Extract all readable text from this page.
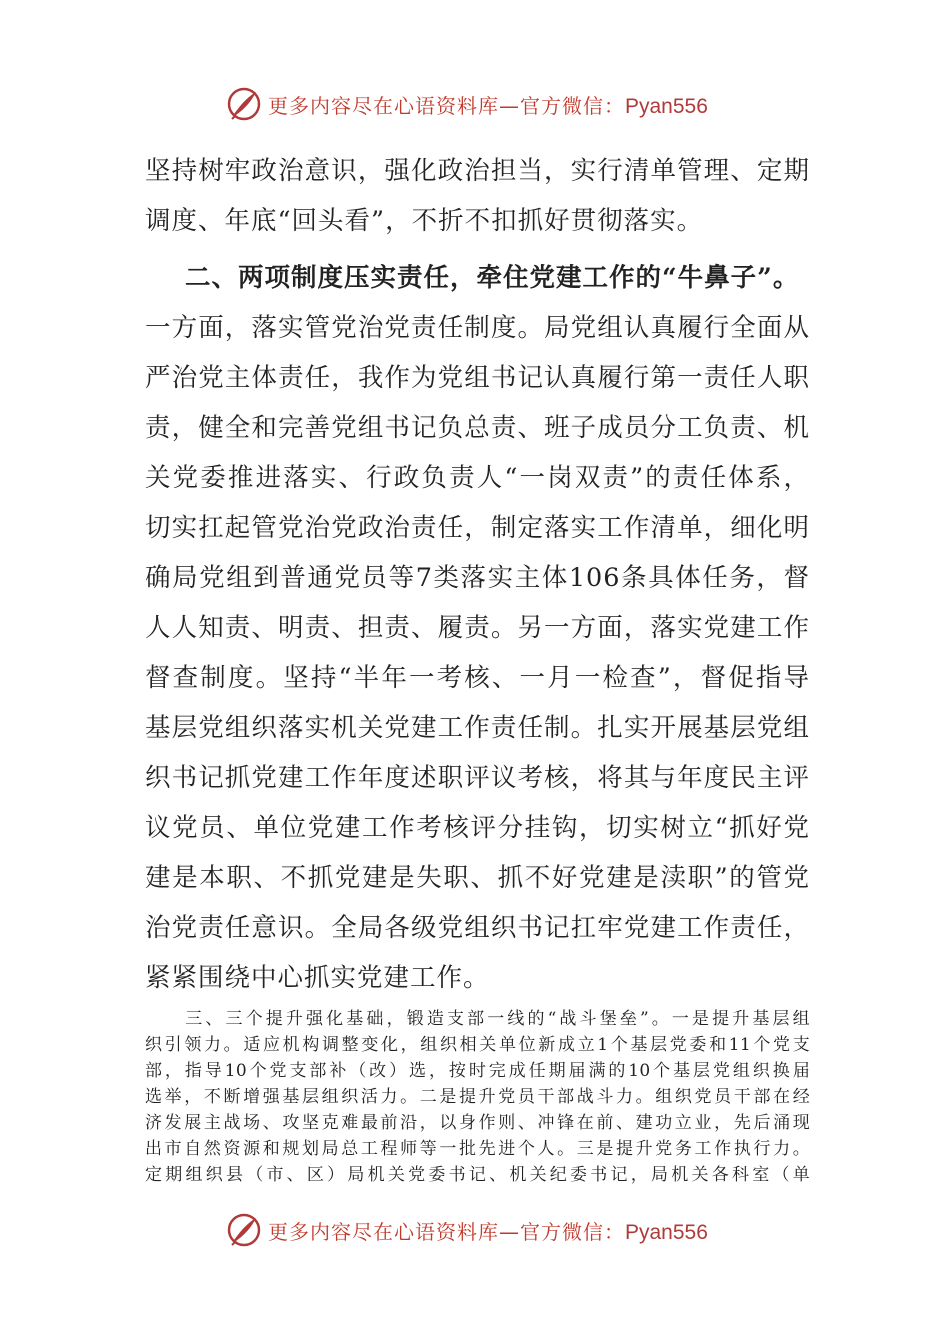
更多内容尽在心语资料库—官方微信：Pyan556
坚持树牢政治意识，强化政治担当，实行清单管理、定期
调度、年底“回头看”，不折不扣抓好贯彻落实。
二、两项制度压实责任，牵住党建工作的“牛鼻子”。
一方面，落实管党治党责任制度。局党组认真履行全面从
严治党主体责任，我作为党组书记认真履行第一责任人职
责，健全和完善党组书记负总责、班子成员分工负责、机
关党委推进落实、行政负责人“一岗双责”的责任体系，
切实扛起管党治党政治责任，制定落实工作清单，细化明
确局党组到普通党员等7类落实主体106条具体任务，督
人人知责、明责、担责、履责。另一方面，落实党建工作
督查制度。坚持“半年一考核、一月一检查”，督促指导
基层党组织落实机关党建工作责任制。扎实开展基层党组
织书记抓党建工作年度述职评议考核，将其与年度民主评
议党员、单位党建工作考核评分挂钩，切实树立“抓好党
建是本职、不抓党建是失职、抓不好党建是渎职”的管党
治党责任意识。全局各级党组织书记扛牢党建工作责任，
紧紧围绕中心抓实党建工作。
　　三、三个提升强化基础，锻造支部一线的“战斗堡垒”。一是提升基层组
织引领力。适应机构调整变化，组织相关单位新成立1个基层党委和11个党支
部，指导10个党支部补（改）选，按时完成任期届满的10个基层党组织换届
选举，不断增强基层组织活力。二是提升党员干部战斗力。组织党员干部在经
济发展主战场、攻坚克难最前沿，以身作则、冲锋在前、建功立业，先后涌现
出市自然资源和规划局总工程师等一批先进个人。三是提升党务工作执行力。
定期组织县（市、区）局机关党委书记、机关纪委书记，局机关各科室（单
更多内容尽在心语资料库—官方微信：Pyan556
